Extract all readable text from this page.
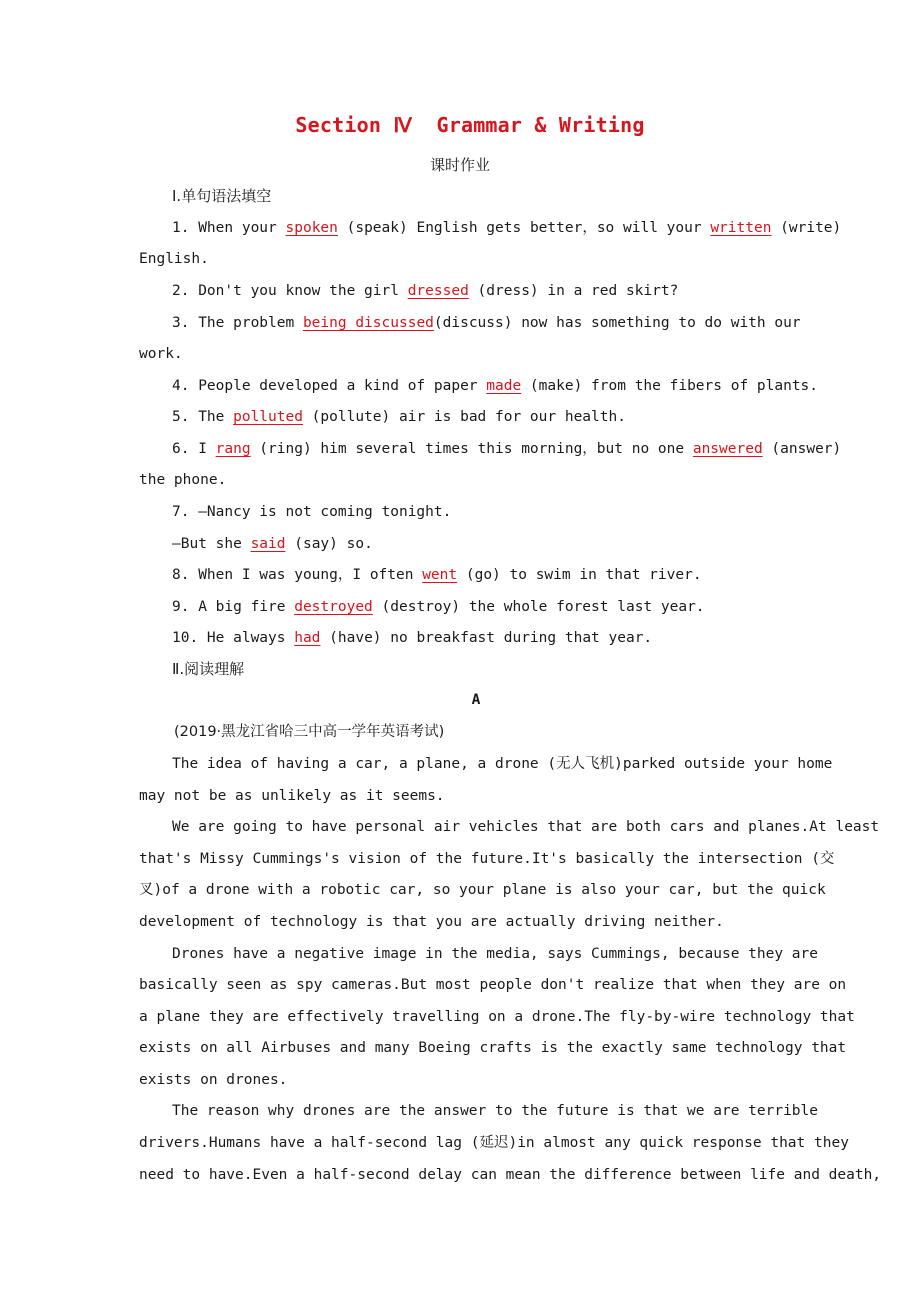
Section Ⅳ  Grammar & Writing
课时作业
Ⅰ.单句语法填空
1. When your spoken (speak) English gets better，so will your written (write)
English.
2. Don't you know the girl dressed (dress) in a red skirt?
3. The problem being discussed(discuss) now has something to do with our
work.
4. People developed a kind of paper made (make) from the fibers of plants.
5. The polluted (pollute) air is bad for our health.
6. I rang (ring) him several times this morning，but no one answered (answer)
the phone.
7. —Nancy is not coming tonight.
—But she said (say) so.
8. When I was young，I often went (go) to swim in that river.
9. A big fire destroyed (destroy) the whole forest last year.
10. He always had (have) no breakfast during that year.
Ⅱ.阅读理解
A
(2019·黑龙江省哈三中高一学年英语考试)
The idea of having a car, a plane, a drone (无人飞机)parked outside your home
may not be as unlikely as it seems.
We are going to have personal air vehicles that are both cars and planes.At least
that's Missy Cummings's vision of the future.It's basically the intersection (交
叉)of a drone with a robotic car, so your plane is also your car, but the quick
development of technology is that you are actually driving neither.
Drones have a negative image in the media, says Cummings, because they are
basically seen as spy cameras.But most people don't realize that when they are on
a plane they are effectively travelling on a drone.The fly-by-wire technology that
exists on all Airbuses and many Boeing crafts is the exactly same technology that
exists on drones.
The reason why drones are the answer to the future is that we are terrible
drivers.Humans have a half-second lag (延迟)in almost any quick response that they
need to have.Even a half-second delay can mean the difference between life and death,
